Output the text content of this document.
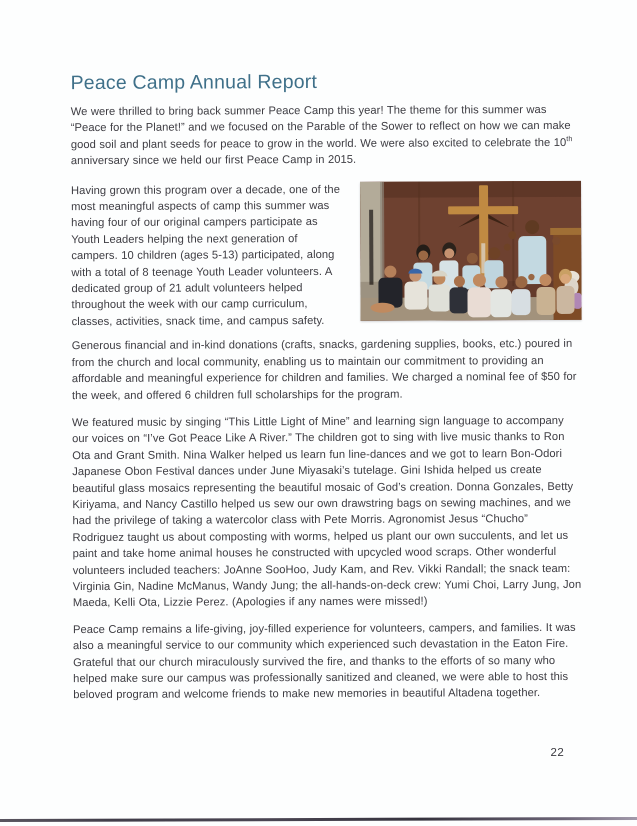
Peace Camp Annual Report

We were thrilled to bring back summer Peace Camp this year! The theme for this summer was “Peace for the Planet!” and we focused on the Parable of the Sower to reflect on how we can make good soil and plant seeds for peace to grow in the world. We were also excited to celebrate the 10th anniversary since we held our first Peace Camp in 2015.

Having grown this program over a decade, one of the most meaningful aspects of camp this summer was having four of our original campers participate as Youth Leaders helping the next generation of campers. 10 children (ages 5-13) participated, along with a total of 8 teenage Youth Leader volunteers. A dedicated group of 21 adult volunteers helped throughout the week with our camp curriculum, classes, activities, snack time, and campus safety.

Generous financial and in-kind donations (crafts, snacks, gardening supplies, books, etc.) poured in from the church and local community, enabling us to maintain our commitment to providing an affordable and meaningful experience for children and families. We charged a nominal fee of $50 for the week, and offered 6 children full scholarships for the program.

We featured music by singing “This Little Light of Mine” and learning sign language to accompany our voices on “I’ve Got Peace Like A River.” The children got to sing with live music thanks to Ron Ota and Grant Smith. Nina Walker helped us learn fun line-dances and we got to learn Bon-Odori Japanese Obon Festival dances under June Miyasaki’s tutelage. Gini Ishida helped us create beautiful glass mosaics representing the beautiful mosaic of God’s creation. Donna Gonzales, Betty Kiriyama, and Nancy Castillo helped us sew our own drawstring bags on sewing machines, and we had the privilege of taking a watercolor class with Pete Morris. Agronomist Jesus “Chucho” Rodriguez taught us about composting with worms, helped us plant our own succulents, and let us paint and take home animal houses he constructed with upcycled wood scraps. Other wonderful volunteers included teachers: JoAnne SooHoo, Judy Kam, and Rev. Vikki Randall; the snack team: Virginia Gin, Nadine McManus, Wandy Jung; the all-hands-on-deck crew: Yumi Choi, Larry Jung, Jon Maeda, Kelli Ota, Lizzie Perez. (Apologies if any names were missed!)

Peace Camp remains a life-giving, joy-filled experience for volunteers, campers, and families. It was also a meaningful service to our community which experienced such devastation in the Eaton Fire. Grateful that our church miraculously survived the fire, and thanks to the efforts of so many who helped make sure our campus was professionally sanitized and cleaned, we were able to host this beloved program and welcome friends to make new memories in beautiful Altadena together.

22
